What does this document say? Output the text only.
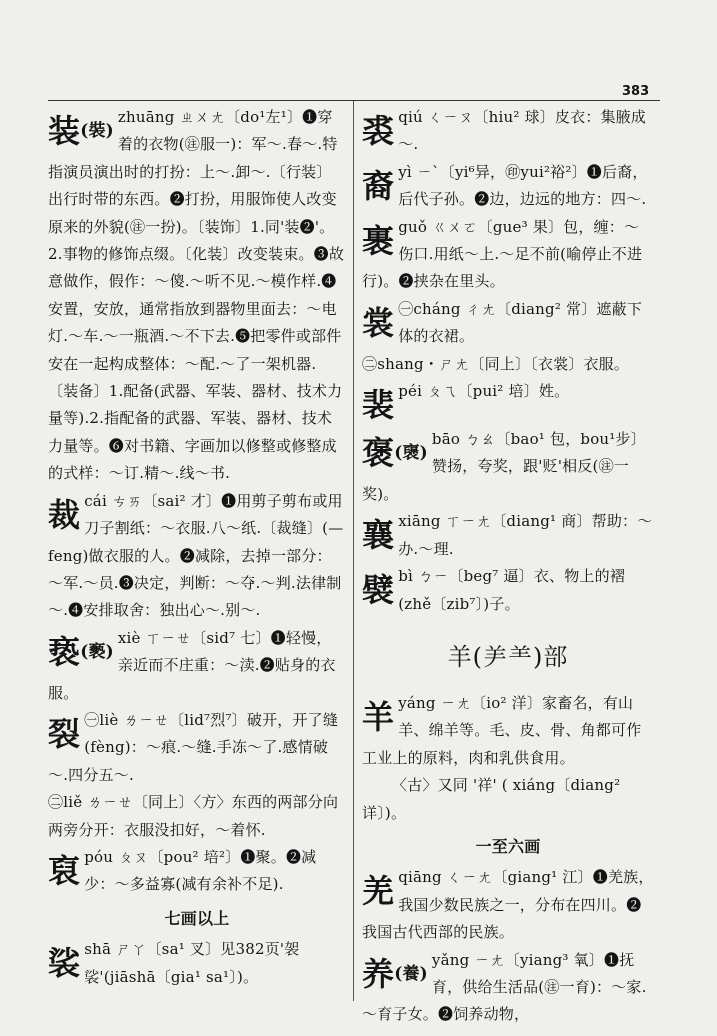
383
装(裝)
zhuāng ㄓㄨㄤ〔do¹左¹〕❶穿着的衣物(㊟服一)：军～.春～.特指演员演出时的打扮：上～.卸～.〔行装〕出行时带的东西。❷打扮，用服饰使人改变原来的外貌(㊟一扮)。〔装饰〕1.同'装❷'。2.事物的修饰点缀。〔化装〕改变装束。❸故意做作，假作：～傻.～听不见.～模作样.❹安置，安放，通常指放到器物里面去：～电灯.～车.～一瓶酒.～不下去.❺把零件或部件安在一起构成整体：～配.～了一架机器.〔装备〕1.配备(武器、军装、器材、技术力量等).2.指配备的武器、军装、器材、技术力量等。❻对书籍、字画加以修整或修整成的式样：～订.精～.线～书.
裁cái ㄘㄞ〔sai² 才〕❶用剪子剪布或用刀子割纸：～衣服.八～纸.〔裁缝〕(—feng)做衣服的人。❷减除，去掉一部分：～军.～员.❸决定，判断：～夺.～判.法律制～.❹安排取舍：独出心～.别～.
亵(褻)
xiè ㄒㄧㄝ〔sid⁷ 七〕❶轻慢，亲近而不庄重：～渎.❷贴身的衣服。
裂 ㊀liè ㄌㄧㄝ〔lid⁷烈⁷〕破开，开了缝(fèng)：～痕.～缝.手冻～了.感情破～.四分五～.
㊁liě ㄌㄧㄝ〔同上〕〈方〉东西的两部分向两旁分开：衣服没扣好，～着怀.
裒póu ㄆㄡ〔pou² 培²〕❶聚。❷减少：～多益寡(减有余补不足).
七画以上
裟shā ㄕㄚ〔sa¹ 叉〕见382页'袈裟'(jiāshā〔gia¹ sa¹〕)。
裘qiú ㄑㄧㄡ〔hiu² 球〕皮衣：集腋成～.
裔yì ㄧˋ〔yi⁶异，㊞yui²裕²〕❶后裔，后代子孙。❷边，边远的地方：四～.
裹guǒ ㄍㄨㄛ〔gue³ 果〕包，缠：～伤口.用纸～上.～足不前(喻停止不进行)。❷挟杂在里头。
裳 ㊀cháng ㄔㄤ〔diang² 常〕遮蔽下体的衣裙。
㊁shang・ㄕㄤ〔同上〕〔衣裳〕衣服。
裴péi ㄆㄟ〔pui² 培〕姓。
褒(襃)
bāo ㄅㄠ〔bao¹ 包，bou¹步〕赞扬，夸奖，跟'贬'相反(㊟一奖)。
襄xiāng ㄒㄧㄤ〔diang¹ 商〕帮助：～办.～理.
襞bì ㄅㄧ〔beg⁷ 逼〕衣、物上的褶(zhě〔zib⁷〕)子。
羊(⺶⺷)部
羊yáng ㄧㄤ〔io² 洋〕家畜名，有山羊、绵羊等。毛、皮、骨、角都可作工业上的原料，肉和乳供食用。
〈古〉又同 '祥' ( xiáng〔diang²详〕)。
一至六画
羌qiāng ㄑㄧㄤ〔giang¹ 江〕❶羌族，我国少数民族之一，分布在四川。❷我国古代西部的民族。
养(養)
yǎng ㄧㄤ〔yiang³ 氧〕❶抚育，供给生活品(㊟一育)：～家.～育子女。❷饲养动物，
